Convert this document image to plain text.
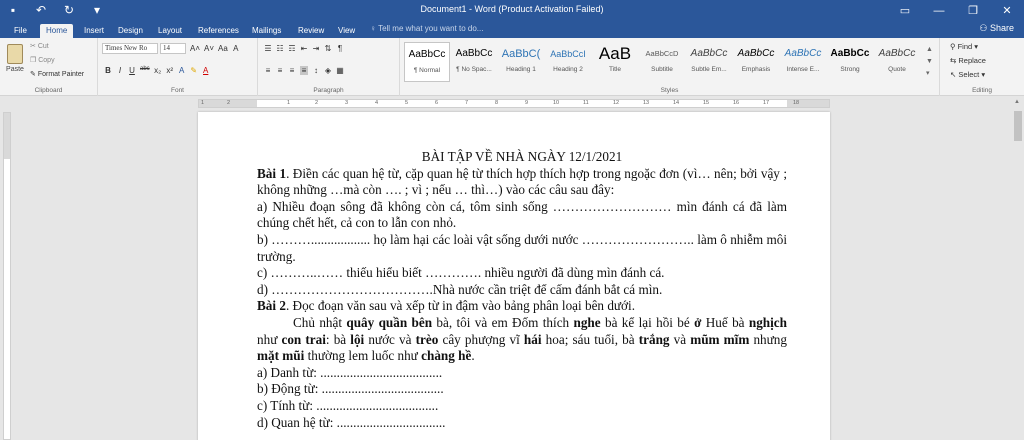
▪	↶ ↻	▾	Document1 - Word (Product Activation Failed)	▭	—	❐	✕
File	Home	Insert	Design	Layout	References	Mailings	Review	View	♀ Tell me what you want to do...	⚇ Share
Paste
✂ Cut
❐ Copy
✎ Format Painter
Clipboard
Times New Ro	14	A˄ A˅ Aa A
B I	U abc x₂ x² A ✎ A
Font
☰ ☷ ☶ ⇤ ⇥ ⇅ ¶
≡ ≡ ≡ ≡ ↕ ◈ ▦
Paragraph
AaBbCc
¶ Normal
AaBbCc
¶ No Spac...
AaBbC(
Heading 1
AaBbCcI
Heading 2
AaB
Title
AaBbCcD
Subtitle
AaBbCc
Subtle Em...
AaBbCc
Emphasis
AaBbCc
Intense E...
AaBbCc
Strong
AaBbCc
Quote
▲
▼
▾
Styles	Editing
⚲ Find ▾
⇆ Replace
↖ Select ▾
1	2	1	2	3	4	5	6	7	8	9	10	11	12	13	14	15	16	17	18	▲

BÀI TẬP VỀ NHÀ NGÀY 12/1/2021

Bài 1. Điền các quan hệ từ, cặp quan hệ từ thích hợp thích hợp trong ngoặc đơn (vì… nên; bởi vậy ; không những …mà còn …. ; vì ; nếu … thì…) vào các câu sau đây:

a) Nhiều đoạn sông đã không còn cá, tôm sinh sống ……………………… mìn đánh cá đã làm chúng chết hết, cả con to lẫn con nhỏ.

b) ……….................. họ làm hại các loài vật sống dưới nước …………………….. làm ô nhiễm môi trường.

c) ………..…… thiếu hiểu biết …………. nhiều người đã dùng mìn đánh cá.

d) ……………………………….Nhà nước cần triệt để cấm đánh bắt cá mìn.

Bài 2. Đọc đoạn văn sau và xếp từ in đậm vào bảng phân loại bên dưới.

Chủ nhật quây quần bên bà, tôi và em Đốm thích nghe bà kể lại hồi bé ở Huế bà nghịch như con trai: bà lội nước và trèo cây phượng vĩ hái hoa; sáu tuổi, bà trắng và mũm mĩm nhưng mặt mũi thường lem luốc như chàng hề.

a) Danh từ: .....................................

b) Động từ: .....................................

c) Tính từ: .....................................

d) Quan hệ từ: .................................
